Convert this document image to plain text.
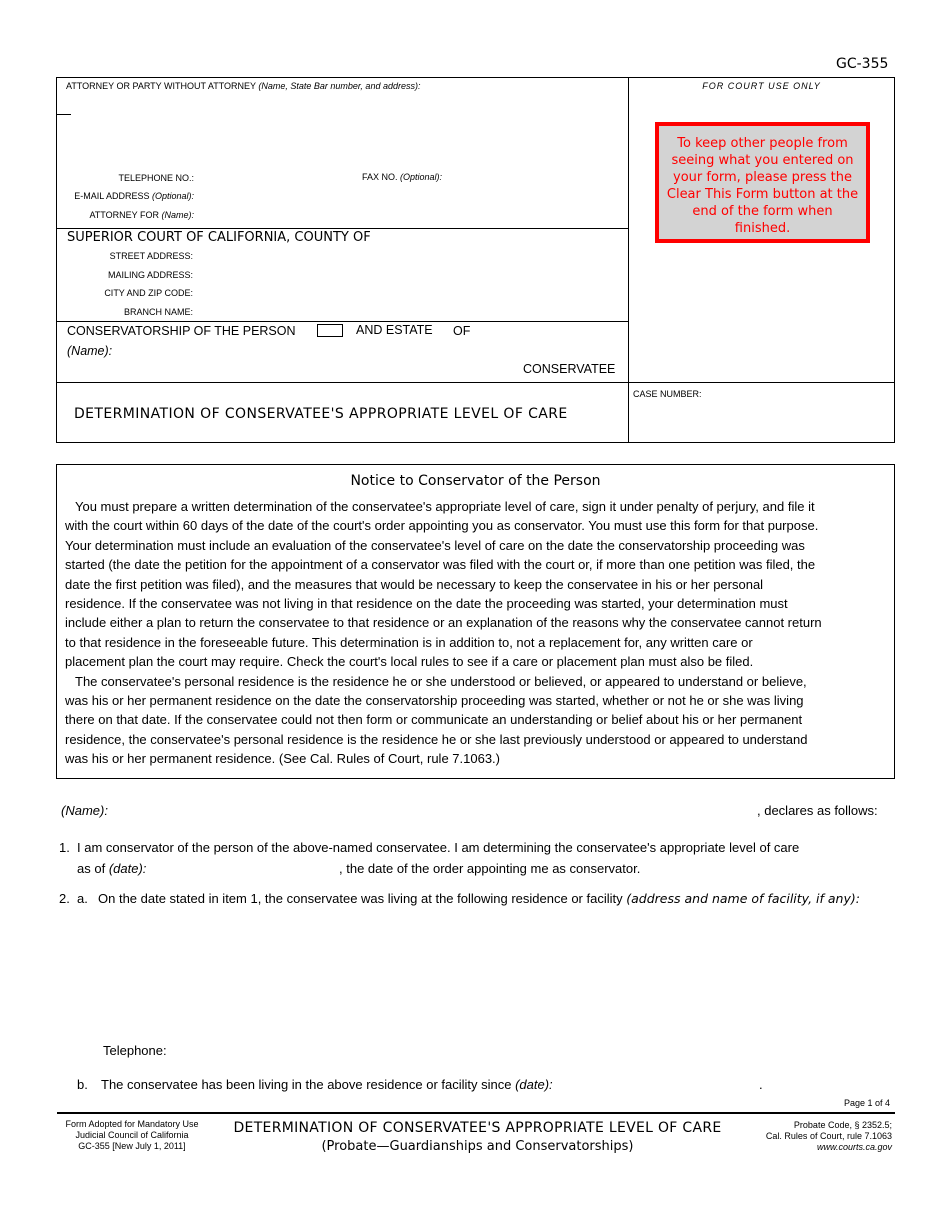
GC-355
ATTORNEY OR PARTY WITHOUT ATTORNEY (Name, State Bar number, and address):
TELEPHONE NO.:	FAX NO. (Optional):
E-MAIL ADDRESS (Optional):
ATTORNEY FOR (Name):
SUPERIOR COURT OF CALIFORNIA, COUNTY OF
STREET ADDRESS:
MAILING ADDRESS:
CITY AND ZIP CODE:
BRANCH NAME:
CONSERVATORSHIP OF THE PERSON	AND ESTATE OF
(Name):
CONSERVATEE
FOR COURT USE ONLY
To keep other people from seeing what you entered on your form, please press the Clear This Form button at the end of the form when finished.
DETERMINATION OF CONSERVATEE'S APPROPRIATE LEVEL OF CARE
CASE NUMBER:
Notice to Conservator of the Person
You must prepare a written determination of the conservatee's appropriate level of care, sign it under penalty of perjury, and file it
with the court within 60 days of the date of the court's order appointing you as conservator. You must use this form for that purpose.
Your determination must include an evaluation of the conservatee's level of care on the date the conservatorship proceeding was
started (the date the petition for the appointment of a conservator was filed with the court or, if more than one petition was filed, the
date the first petition was filed), and the measures that would be necessary to keep the conservatee in his or her personal
residence. If the conservatee was not living in that residence on the date the proceeding was started, your determination must
include either a plan to return the conservatee to that residence or an explanation of the reasons why the conservatee cannot return
to that residence in the foreseeable future. This determination is in addition to, not a replacement for, any written care or
placement plan the court may require. Check the court's local rules to see if a care or placement plan must also be filed.
The conservatee's personal residence is the residence he or she understood or believed, or appeared to understand or believe,
was his or her permanent residence on the date the conservatorship proceeding was started, whether or not he or she was living
there on that date. If the conservatee could not then form or communicate an understanding or belief about his or her permanent
residence, the conservatee's personal residence is the residence he or she last previously understood or appeared to understand
was his or her permanent residence. (See Cal. Rules of Court, rule 7.1063.)
(Name):	, declares as follows:
1. I am conservator of the person of the above-named conservatee. I am determining the conservatee's appropriate level of care
as of (date):	, the date of the order appointing me as conservator.
2. a. On the date stated in item 1, the conservatee was living at the following residence or facility (address and name of facility, if any):
Telephone:
b. The conservatee has been living in the above residence or facility since (date):	.
Page 1 of 4
Form Adopted for Mandatory Use
Judicial Council of California
GC-355 [New July 1, 2011]
DETERMINATION OF CONSERVATEE'S APPROPRIATE LEVEL OF CARE
(Probate—Guardianships and Conservatorships)
Probate Code, § 2352.5;
Cal. Rules of Court, rule 7.1063
www.courts.ca.gov
